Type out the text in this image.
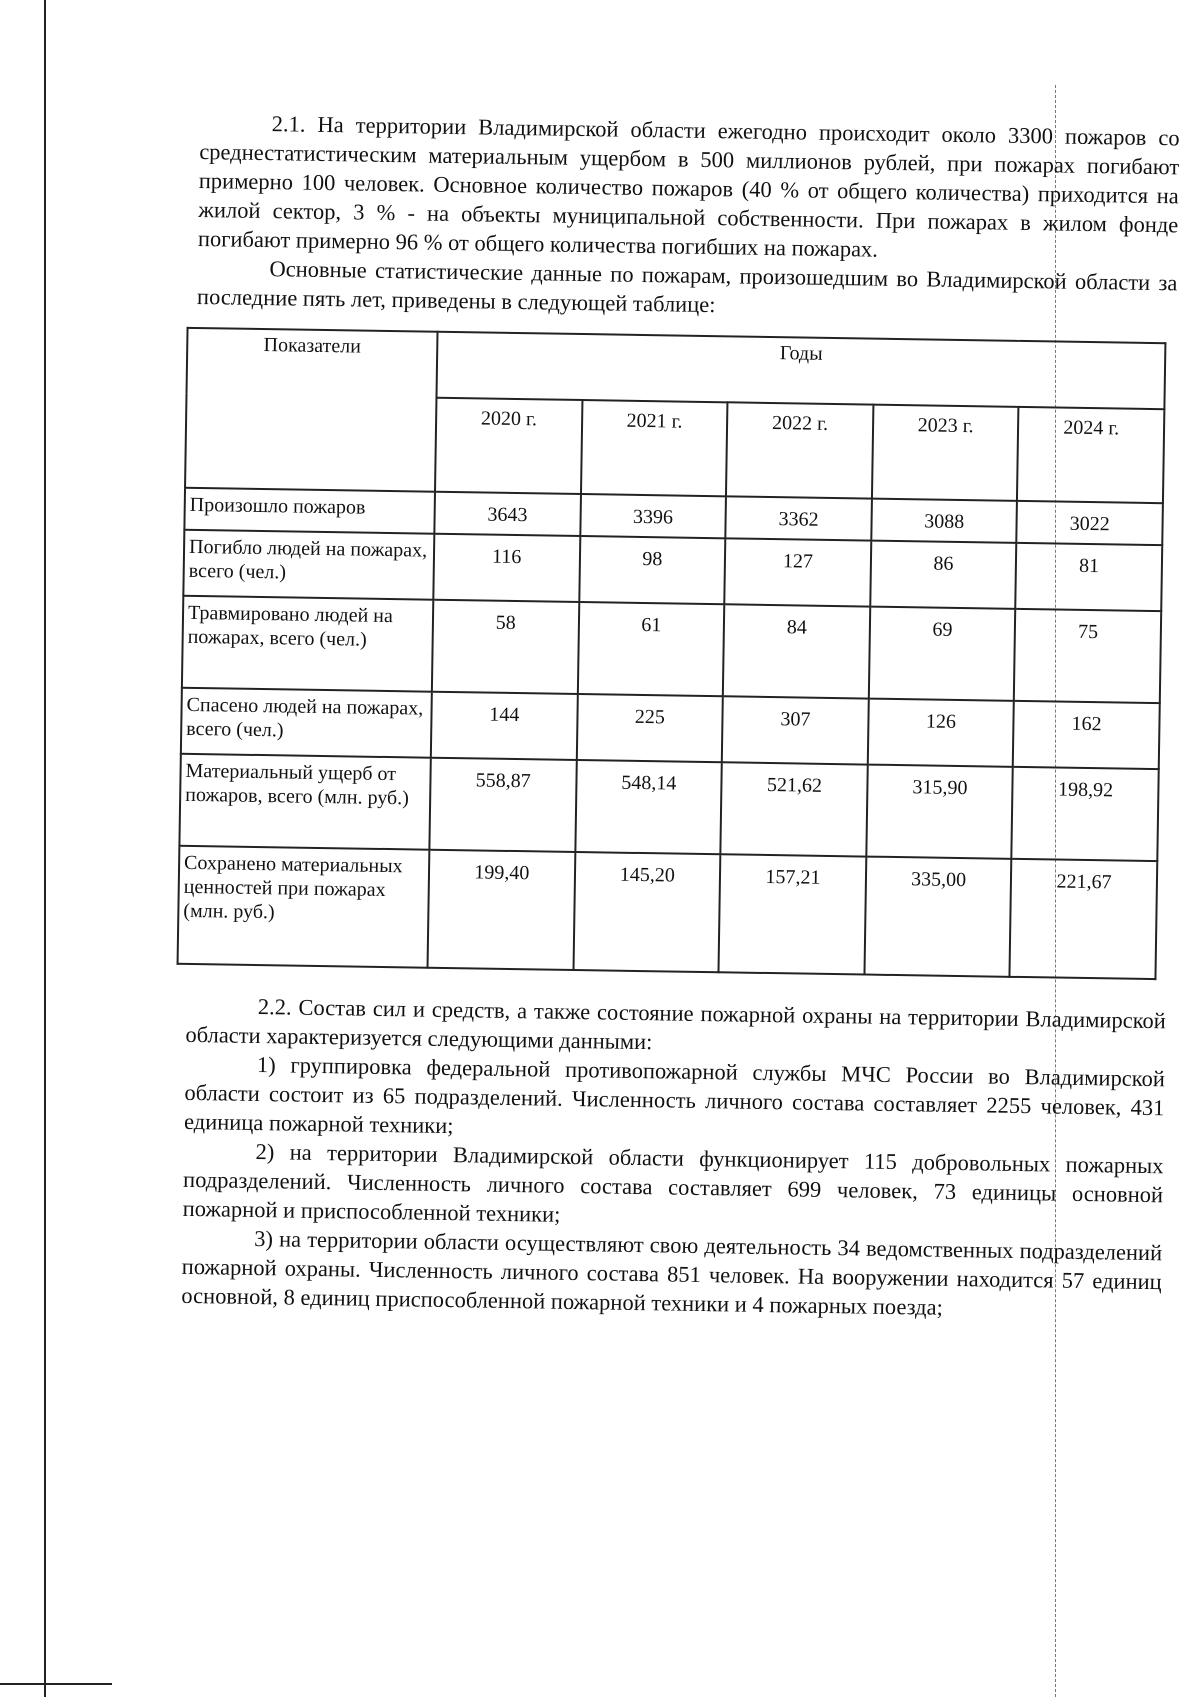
2.1. На территории Владимирской области ежегодно происходит около 3300 пожаров со среднестатистическим материальным ущербом в 500 миллионов рублей, при пожарах погибают примерно 100 человек. Основное количество пожаров (40 % от общего количества) приходится на жилой сектор, 3 % - на объекты муниципальной собственности. При пожарах в жилом фонде погибают примерно 96 % от общего количества погибших на пожарах.

Основные статистические данные по пожарам, произошедшим во Владимирской области за последние пять лет, приведены в следующей таблице:

Показатели	Годы				
	2020 г.	2021 г.	2022 г.	2023 г.	2024 г.
Произошло пожаров	3643	3396	3362	3088	3022
Погибло людей на пожарах, всего (чел.)	116	98	127	86	81
Травмировано людей на пожарах, всего (чел.)	58	61	84	69	75
Спасено людей на пожарах, всего (чел.)	144	225	307	126	162
Материальный ущерб от пожаров, всего (млн. руб.)	558,87	548,14	521,62	315,90	198,92
Сохранено материальных ценностей при пожарах (млн. руб.)	199,40	145,20	157,21	335,00	221,67

2.2. Состав сил и средств, а также состояние пожарной охраны на территории Владимирской области характеризуется следующими данными:

1) группировка федеральной противопожарной службы МЧС России во Владимирской области состоит из 65 подразделений. Численность личного состава составляет 2255 человек, 431 единица пожарной техники;

2) на территории Владимирской области функционирует 115 добровольных пожарных подразделений. Численность личного состава составляет 699 человек, 73 единицы основной пожарной и приспособленной техники;

3) на территории области осуществляют свою деятельность 34 ведомственных подразделений пожарной охраны. Численность личного состава 851 человек. На вооружении находится 57 единиц основной, 8 единиц приспособленной пожарной техники и 4 пожарных поезда;
